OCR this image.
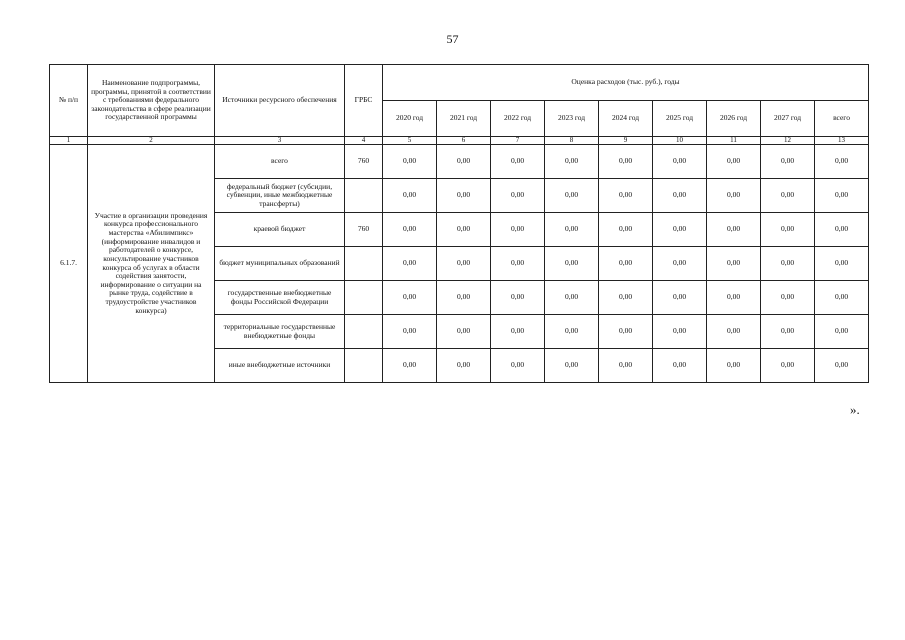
57
№ п/п	Наименование подпрограммы, программы, принятой в соответствии с требованиями федерального законодательства в сфере реализации государственной программы	Источники ресурсного обеспечения	ГРБС	Оценка расходов (тыс. руб.), годы								
				2020 год	2021 год	2022 год	2023 год	2024 год	2025 год	2026 год	2027 год	всего
1	2	3	4	5	6	7	8	9	10	11	12	13
6.1.7.	Участие в организации проведения конкурса профессионального мастерства «Абилимпикс» (информирование инвалидов и работодателей о конкурсе, консультирование участников конкурса об услугах в области содействия занятости, информирование о ситуации на рынке труда, содействие в трудоустройстве участников конкурса)	всего	760	0,00	0,00	0,00	0,00	0,00	0,00	0,00	0,00	0,00
		федеральный бюджет (субсидии, субвенции, иные межбюджетные трансферты)		0,00	0,00	0,00	0,00	0,00	0,00	0,00	0,00	0,00
		краевой бюджет	760	0,00	0,00	0,00	0,00	0,00	0,00	0,00	0,00	0,00
		бюджет муниципальных образований		0,00	0,00	0,00	0,00	0,00	0,00	0,00	0,00	0,00
		государственные внебюджетные фонды Российской Федерации		0,00	0,00	0,00	0,00	0,00	0,00	0,00	0,00	0,00
		территориальные государственные внебюджетные фонды		0,00	0,00	0,00	0,00	0,00	0,00	0,00	0,00	0,00
		иные внебюджетные источники		0,00	0,00	0,00	0,00	0,00	0,00	0,00	0,00	0,00
».
